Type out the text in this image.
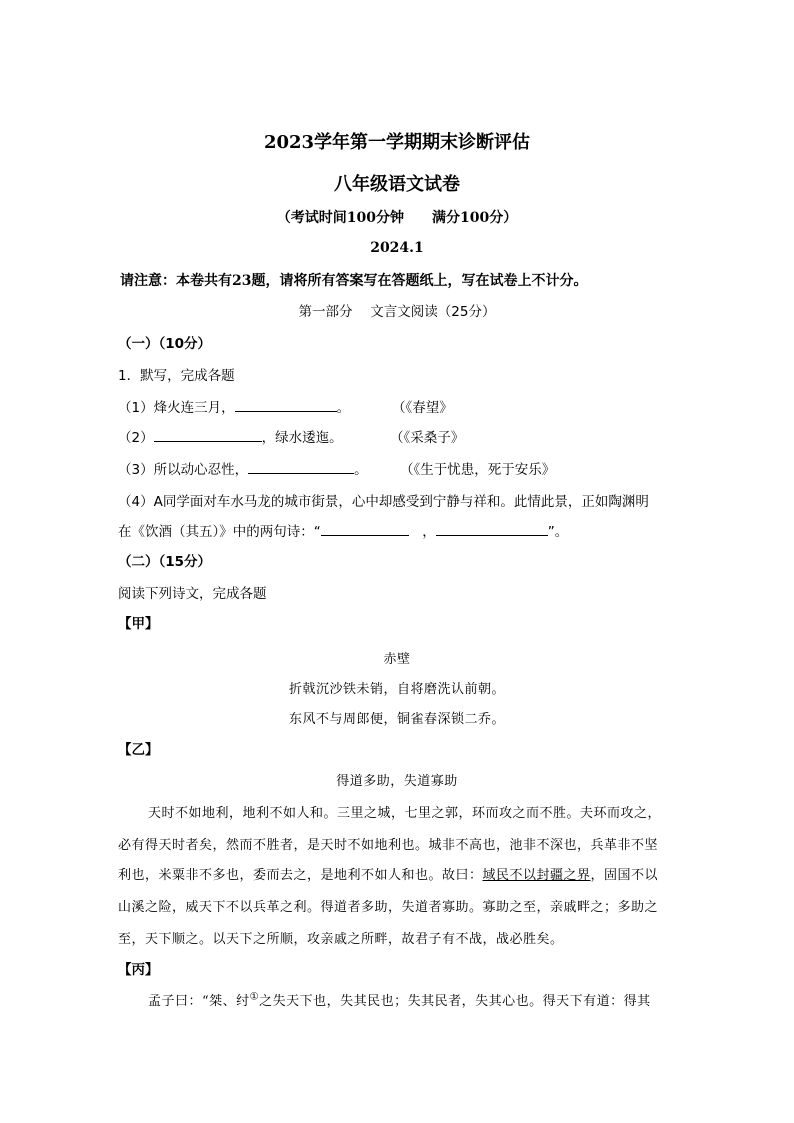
2023学年第一学期期末诊断评估
八年级语文试卷
（考试时间100分钟　　满分100分）
2024.1
请注意：本卷共有23题，请将所有答案写在答题纸上，写在试卷上不计分。
第一部分　 文言文阅读（25分）
（一）（10分）
1．默写，完成各题
（1）烽火连三月，	。	（《春望》
（2）	，绿水逶迤。	（《采桑子》
（3）所以动心忍性，	。 （《生于忧患，死于安乐》
（4）A同学面对车水马龙的城市街景，心中却感受到宁静与祥和。此情此景，正如陶渊明
在《饮酒（其五）》中的两句诗：“	　，	”。
（二）（15分）
阅读下列诗文，完成各题
【甲】
赤壁
折戟沉沙铁未销，自将磨洗认前朝。
东风不与周郎便，铜雀春深锁二乔。
【乙】
得道多助，失道寡助
天时不如地利，地利不如人和。三里之城，七里之郭，环而攻之而不胜。夫环而攻之，
必有得天时者矣，然而不胜者，是天时不如地利也。城非不高也，池非不深也，兵革非不坚
利也，米粟非不多也，委而去之，是地利不如人和也。故曰：域民不以封疆之界，固国不以
山溪之险，威天下不以兵革之利。得道者多助，失道者寡助。寡助之至，亲戚畔之；多助之
至，天下顺之。以天下之所顺，攻亲戚之所畔，故君子有不战，战必胜矣。
【丙】
孟子曰：“桀、纣①之失天下也，失其民也；失其民者，失其心也。得天下有道：得其
